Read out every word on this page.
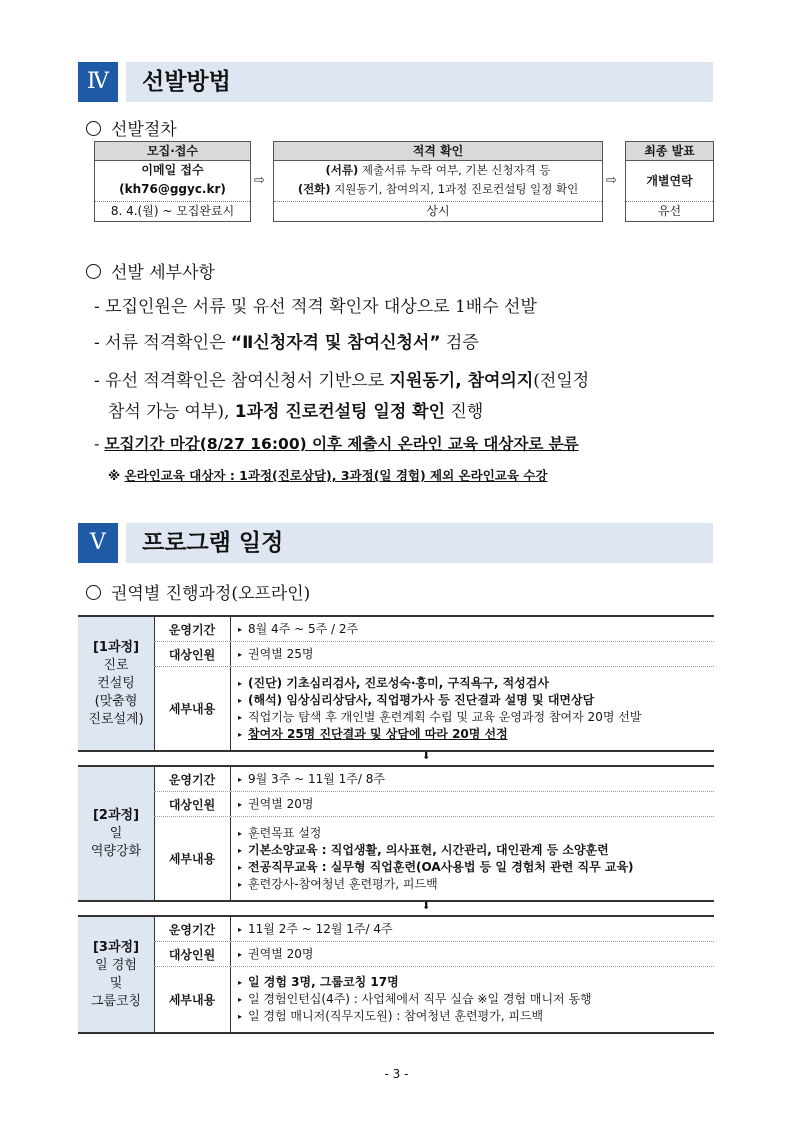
Ⅳ	선발방법
선발절차
모집·접수
이메일 접수
(kh76@ggyc.kr)
8. 4.(월) ~ 모집완료시
⇨
적격 확인
(서류) 제출서류 누락 여부, 기본 신청자격 등
(전화) 지원동기, 참여의지, 1과정 진로컨설팅 일정 확인
상시
⇨
최종 발표
개별연락
유선
선발 세부사항
- 모집인원은 서류 및 유선 적격 확인자 대상으로 1배수 선발
- 서류 적격확인은 “Ⅱ신청자격 및 참여신청서” 검증
- 유선 적격확인은 참여신청서 기반으로 지원동기, 참여의지(전일정
참석 가능 여부), 1과정 진로컨설팅 일정 확인 진행
- 모집기간 마감(8/27 16:00) 이후 제출시 온라인 교육 대상자로 분류
※ 온라인교육 대상자 : 1과정(진로상담), 3과정(일 경험) 제외 온라인교육 수강
Ⅴ	프로그램 일정
권역별 진행과정(오프라인)
[1과정]
진로
컨설팅
(맞춤형
진로설계)
운영기간	▸ 8월 4주 ~ 5주 / 2주
대상인원	▸ 권역별 25명
세부내용
▸ (진단) 기초심리검사, 진로성숙·흥미, 구직욕구, 적성검사
▸ (해석) 임상심리상담사, 직업평가사 등 진단결과 설명 및 대면상담
▸ 직업기능 탐색 후 개인별 훈련계획 수립 및 교육 운영과정 참여자 20명 선발
▸ 참여자 25명 진단결과 및 상담에 따라 20명 선정
⬇
[2과정]
일
역량강화
운영기간	▸ 9월 3주 ~ 11월 1주/ 8주
대상인원	▸ 권역별 20명
세부내용
▸ 훈련목표 설정
▸ 기본소양교육 : 직업생활, 의사표현, 시간관리, 대인관계 등 소양훈련
▸ 전공직무교육 : 실무형 직업훈련(OA사용법 등 일 경험처 관련 직무 교육)
▸ 훈련강사-참여청년 훈련평가, 피드백
⬇
[3과정]
일 경험
및
그룹코칭
운영기간	▸ 11월 2주 ~ 12월 1주/ 4주
대상인원	▸ 권역별 20명
세부내용
▸ 일 경험 3명, 그룹코칭 17명
▸ 일 경험인턴십(4주) : 사업체에서 직무 실습 ※일 경험 매니저 동행
▸ 일 경험 매니저(직무지도원) : 참여청년 훈련평가, 피드백
- 3 -
